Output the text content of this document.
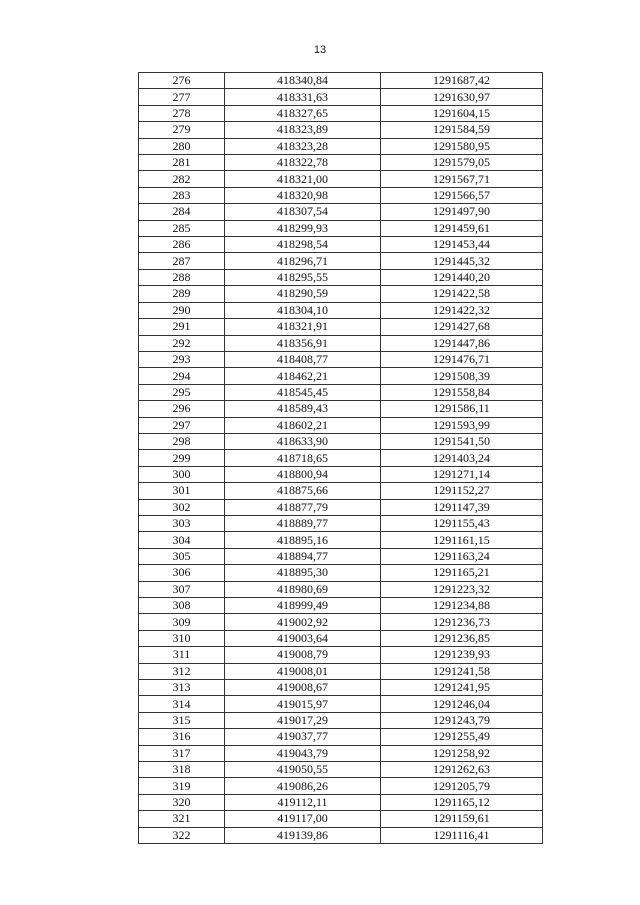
13
276	418340,84	1291687,42
277	418331,63	1291630,97
278	418327,65	1291604,15
279	418323,89	1291584,59
280	418323,28	1291580,95
281	418322,78	1291579,05
282	418321,00	1291567,71
283	418320,98	1291566,57
284	418307,54	1291497,90
285	418299,93	1291459,61
286	418298,54	1291453,44
287	418296,71	1291445,32
288	418295,55	1291440,20
289	418290,59	1291422,58
290	418304,10	1291422,32
291	418321,91	1291427,68
292	418356,91	1291447,86
293	418408,77	1291476,71
294	418462,21	1291508,39
295	418545,45	1291558,84
296	418589,43	1291586,11
297	418602,21	1291593,99
298	418633,90	1291541,50
299	418718,65	1291403,24
300	418800,94	1291271,14
301	418875,66	1291152,27
302	418877,79	1291147,39
303	418889,77	1291155,43
304	418895,16	1291161,15
305	418894,77	1291163,24
306	418895,30	1291165,21
307	418980,69	1291223,32
308	418999,49	1291234,88
309	419002,92	1291236,73
310	419003,64	1291236,85
311	419008,79	1291239,93
312	419008,01	1291241,58
313	419008,67	1291241,95
314	419015,97	1291246,04
315	419017,29	1291243,79
316	419037,77	1291255,49
317	419043,79	1291258,92
318	419050,55	1291262,63
319	419086,26	1291205,79
320	419112,11	1291165,12
321	419117,00	1291159,61
322	419139,86	1291116,41
